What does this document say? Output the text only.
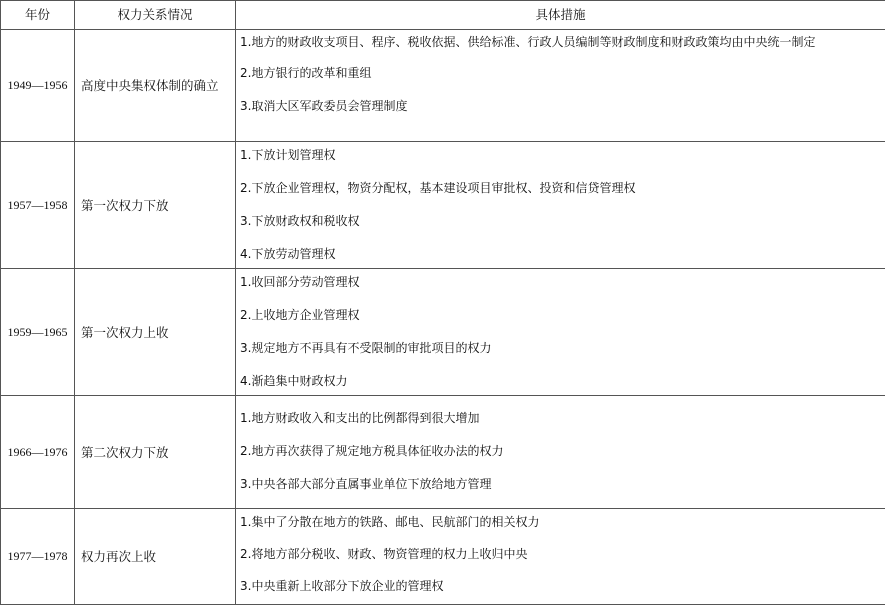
年份	权力关系情况	具体措施
1949—1956	高度中央集权体制的确立	1.地方的财政收支项目、程序、税收依据、供给标准、行政人员编制等财政制度和财政政策均由中央统一制定

2.地方银行的改革和重组

3.取消大区军政委员会管理制度

1957—1958	第一次权力下放	1.下放计划管理权

2.下放企业管理权，物资分配权，基本建设项目审批权、投资和信贷管理权

3.下放财政权和税收权

4.下放劳动管理权

1959—1965	第一次权力上收	1.收回部分劳动管理权

2.上收地方企业管理权

3.规定地方不再具有不受限制的审批项目的权力

4.渐趋集中财政权力

1966—1976	第二次权力下放	1.地方财政收入和支出的比例都得到很大增加

2.地方再次获得了规定地方税具体征收办法的权力

3.中央各部大部分直属事业单位下放给地方管理

1977—1978	权力再次上收	1.集中了分散在地方的铁路、邮电、民航部门的相关权力

2.将地方部分税收、财政、物资管理的权力上收归中央

3.中央重新上收部分下放企业的管理权
